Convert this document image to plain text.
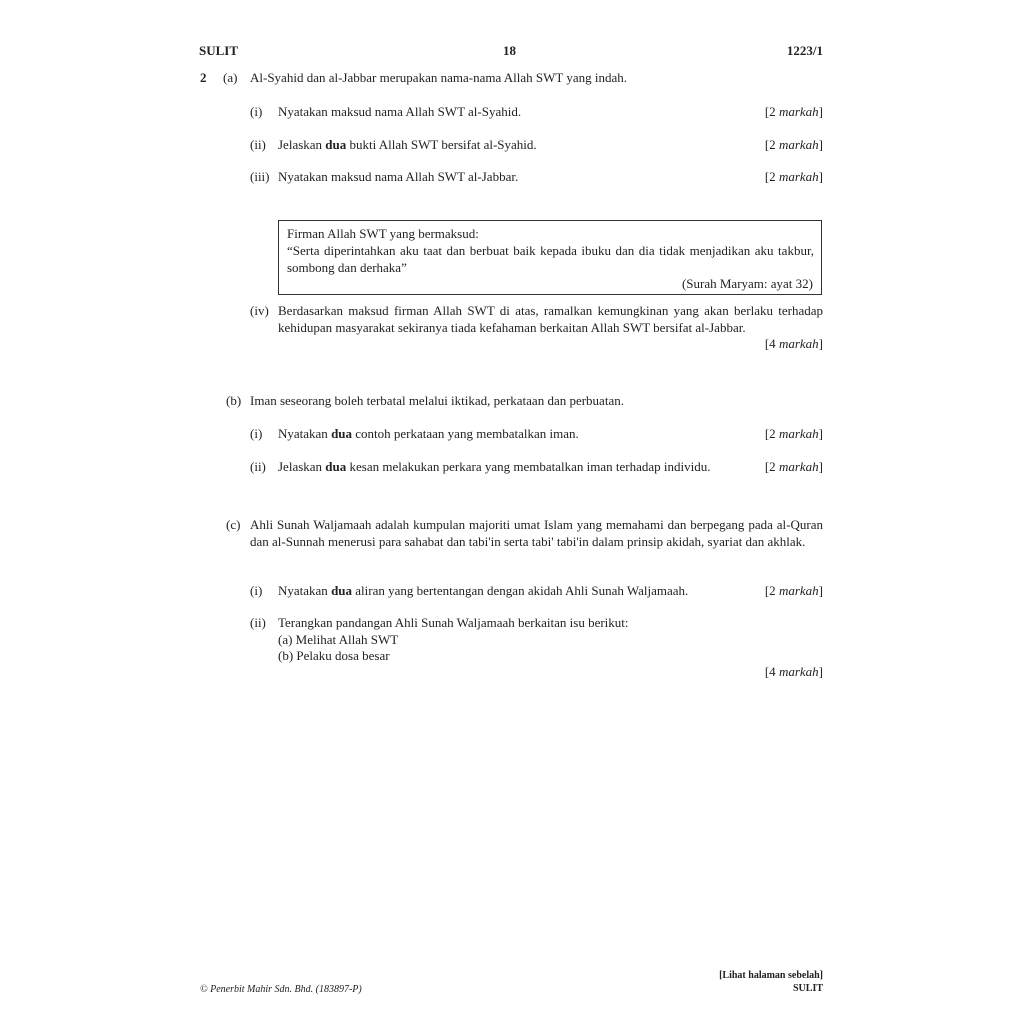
SULIT	18	1223/1
2 (a) Al-Syahid dan al-Jabbar merupakan nama-nama Allah SWT yang indah.
(i) Nyatakan maksud nama Allah SWT al-Syahid.	[2 markah]
(ii) Jelaskan dua bukti Allah SWT bersifat al-Syahid.	[2 markah]
(iii) Nyatakan maksud nama Allah SWT al-Jabbar.	[2 markah]
Firman Allah SWT yang bermaksud:
“Serta diperintahkan aku taat dan berbuat baik kepada ibuku dan dia tidak menjadikan aku takbur, sombong dan derhaka”
(Surah Maryam: ayat 32)
(iv) Berdasarkan maksud firman Allah SWT di atas, ramalkan kemungkinan yang akan berlaku terhadap kehidupan masyarakat sekiranya tiada kefahaman berkaitan Allah SWT bersifat al-Jabbar.
[4 markah]
(b) Iman seseorang boleh terbatal melalui iktikad, perkataan dan perbuatan.
(i) Nyatakan dua contoh perkataan yang membatalkan iman.	[2 markah]
(ii) Jelaskan dua kesan melakukan perkara yang membatalkan iman terhadap individu.	[2 markah]
(c) Ahli Sunah Waljamaah adalah kumpulan majoriti umat Islam yang memahami dan berpegang pada al-Quran dan al-Sunnah menerusi para sahabat dan tabi'in serta tabi' tabi'in dalam prinsip akidah, syariat dan akhlak.
(i) Nyatakan dua aliran yang bertentangan dengan akidah Ahli Sunah Waljamaah.	[2 markah]
(ii) Terangkan pandangan Ahli Sunah Waljamaah berkaitan isu berikut:
(a) Melihat Allah SWT
(b) Pelaku dosa besar
[4 markah]
© Penerbit Mahir Sdn. Bhd. (183897-P)
[Lihat halaman sebelah]
SULIT
